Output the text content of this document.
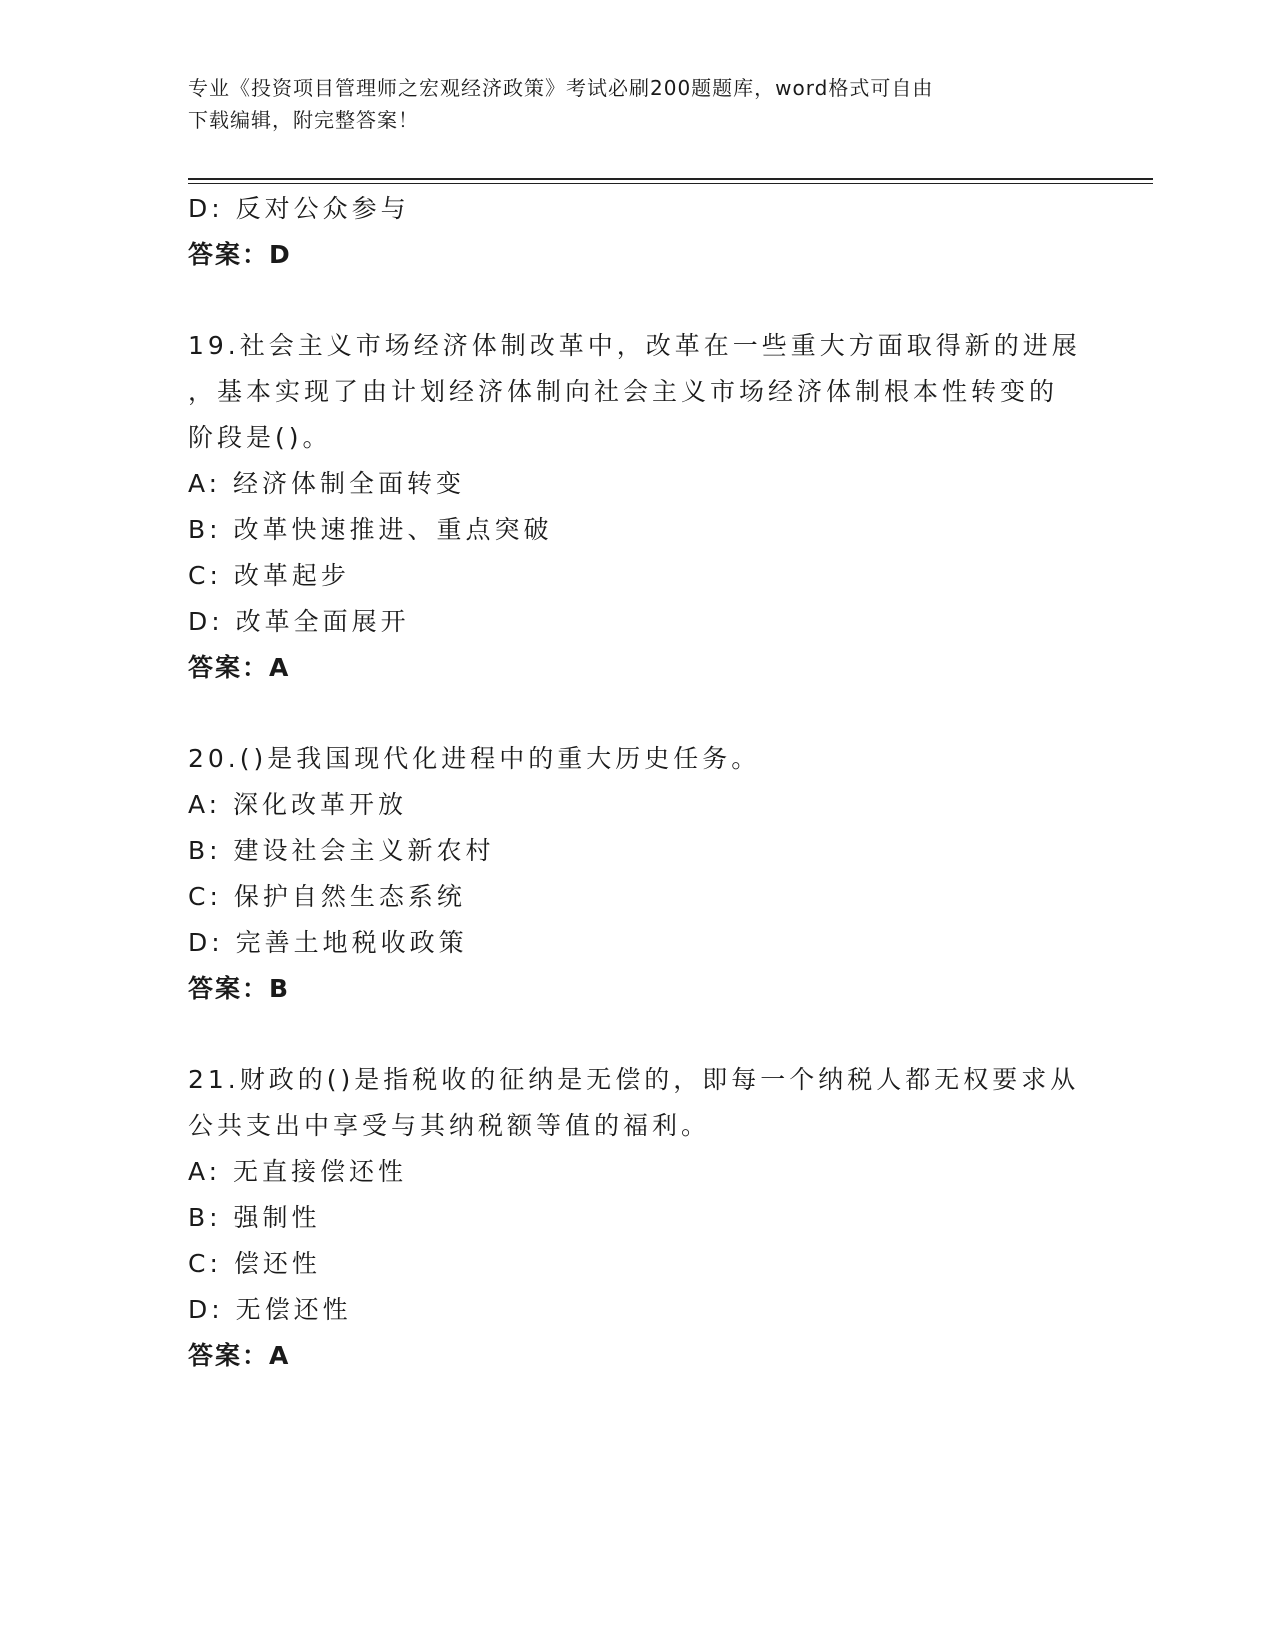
专业《投资项目管理师之宏观经济政策》考试必刷200题题库，word格式可自由
下载编辑，附完整答案！
D: 反对公众参与
答案：D
19.社会主义市场经济体制改革中，改革在一些重大方面取得新的进展
，基本实现了由计划经济体制向社会主义市场经济体制根本性转变的
阶段是()。
A: 经济体制全面转变
B: 改革快速推进、重点突破
C: 改革起步
D: 改革全面展开
答案：A
20.()是我国现代化进程中的重大历史任务。
A: 深化改革开放
B: 建设社会主义新农村
C: 保护自然生态系统
D: 完善土地税收政策
答案：B
21.财政的()是指税收的征纳是无偿的，即每一个纳税人都无权要求从
公共支出中享受与其纳税额等值的福利。
A: 无直接偿还性
B: 强制性
C: 偿还性
D: 无偿还性
答案：A
